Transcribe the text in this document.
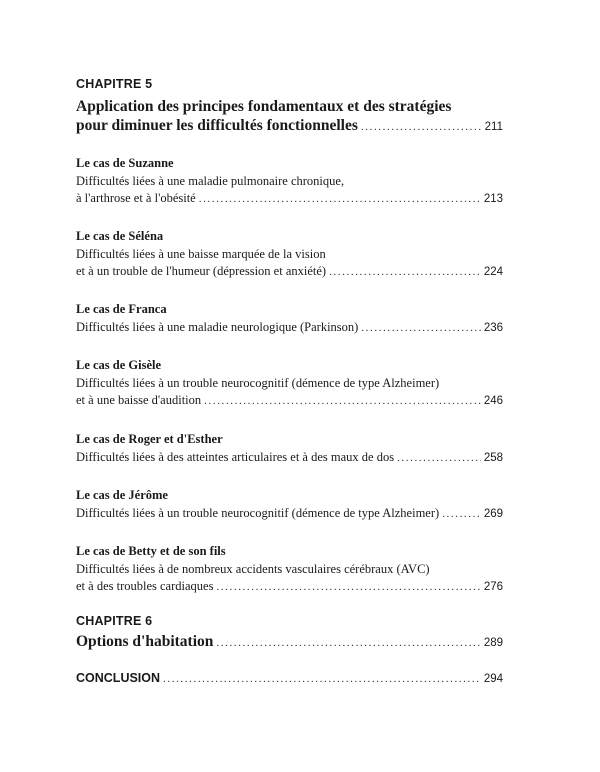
CHAPITRE 5
Application des principes fondamentaux et des stratégies
pour diminuer les difficultés fonctionnelles .....	211
Le cas de Suzanne
Difficultés liées à une maladie pulmonaire chronique,
à l'arthrose et à l'obésité .....	213
Le cas de Séléna
Difficultés liées à une baisse marquée de la vision
et à un trouble de l'humeur (dépression et anxiété) .....	224
Le cas de Franca
Difficultés liées à une maladie neurologique (Parkinson) .....	236
Le cas de Gisèle
Difficultés liées à un trouble neurocognitif (démence de type Alzheimer)
et à une baisse d'audition .....	246
Le cas de Roger et d'Esther
Difficultés liées à des atteintes articulaires et à des maux de dos .....	258
Le cas de Jérôme
Difficultés liées à un trouble neurocognitif (démence de type Alzheimer) .....	269
Le cas de Betty et de son fils
Difficultés liées à de nombreux accidents vasculaires cérébraux (AVC)
et à des troubles cardiaques .....	276
CHAPITRE 6
Options d'habitation .....	289
CONCLUSION .....	294
